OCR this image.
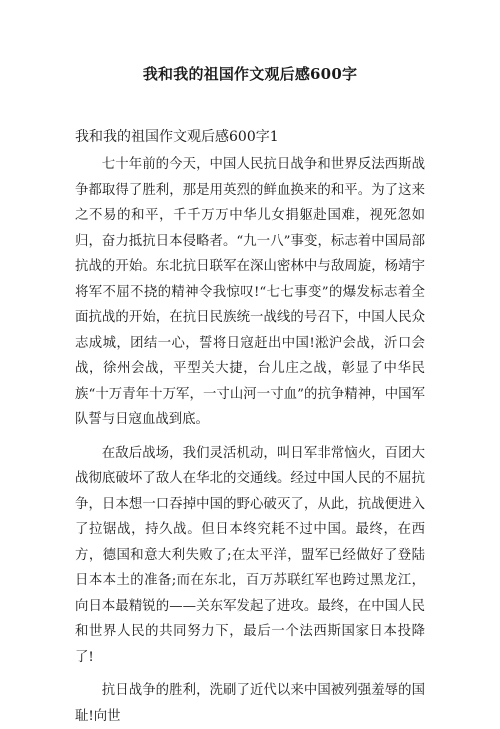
我和我的祖国作文观后感600字
我和我的祖国作文观后感600字1

七十年前的今天，中国人民抗日战争和世界反法西斯战争都取得了胜利，那是用英烈的鲜血换来的和平。为了这来之不易的和平，千千万万中华儿女捐躯赴国难，视死忽如归，奋力抵抗日本侵略者。“九一八”事变，标志着中国局部抗战的开始。东北抗日联军在深山密林中与敌周旋，杨靖宇将军不屈不挠的精神令我惊叹!“七七事变”的爆发标志着全面抗战的开始，在抗日民族统一战线的号召下，中国人民众志成城，团结一心，誓将日寇赶出中国!淞沪会战，沂口会战，徐州会战，平型关大捷，台儿庄之战，彰显了中华民族“十万青年十万军，一寸山河一寸血”的抗争精神，中国军队誓与日寇血战到底。

在敌后战场，我们灵活机动，叫日军非常恼火，百团大战彻底破坏了敌人在华北的交通线。经过中国人民的不屈抗争，日本想一口吞掉中国的野心破灭了，从此，抗战便进入了拉锯战，持久战。但日本终究耗不过中国。最终，在西方，德国和意大利失败了;在太平洋，盟军已经做好了登陆日本本土的准备;而在东北，百万苏联红军也跨过黑龙江，向日本最精锐的——关东军发起了进攻。最终，在中国人民和世界人民的共同努力下，最后一个法西斯国家日本投降了!

抗日战争的胜利，洗刷了近代以来中国被列强羞辱的国耻!向世
